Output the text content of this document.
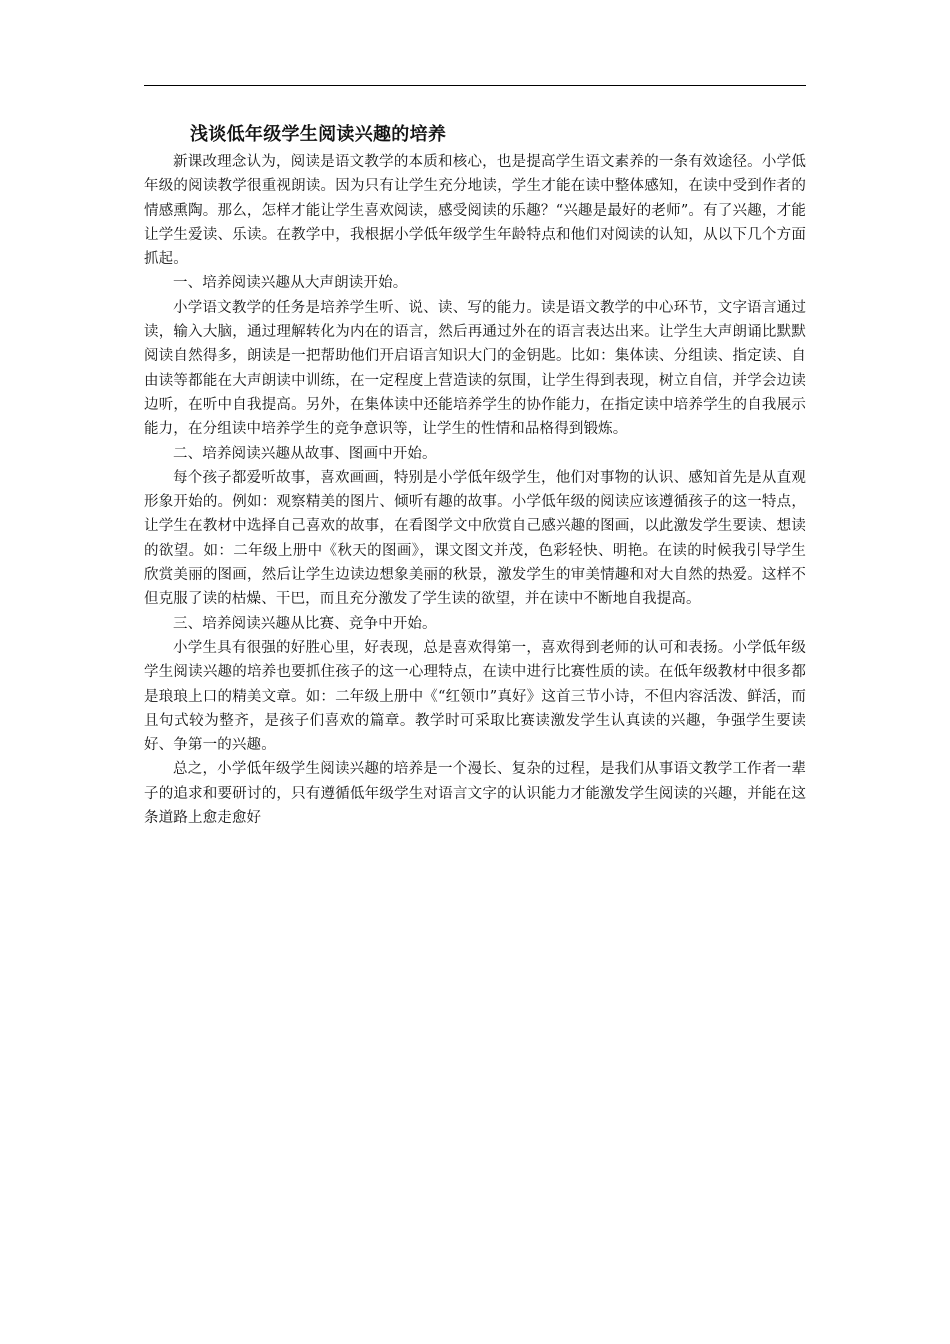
浅谈低年级学生阅读兴趣的培养

新课改理念认为，阅读是语文教学的本质和核心，也是提高学生语文素养的一条有效途径。小学低年级的阅读教学很重视朗读。因为只有让学生充分地读，学生才能在读中整体感知，在读中受到作者的情感熏陶。那么，怎样才能让学生喜欢阅读，感受阅读的乐趣？“兴趣是最好的老师”。有了兴趣，才能让学生爱读、乐读。在教学中，我根据小学低年级学生年龄特点和他们对阅读的认知，从以下几个方面抓起。

一、培养阅读兴趣从大声朗读开始。

小学语文教学的任务是培养学生听、说、读、写的能力。读是语文教学的中心环节，文字语言通过读，输入大脑，通过理解转化为内在的语言，然后再通过外在的语言表达出来。让学生大声朗诵比默默阅读自然得多，朗读是一把帮助他们开启语言知识大门的金钥匙。比如：集体读、分组读、指定读、自由读等都能在大声朗读中训练，在一定程度上营造读的氛围，让学生得到表现，树立自信，并学会边读边听，在听中自我提高。另外，在集体读中还能培养学生的协作能力，在指定读中培养学生的自我展示能力，在分组读中培养学生的竞争意识等，让学生的性情和品格得到锻炼。

二、培养阅读兴趣从故事、图画中开始。

每个孩子都爱听故事，喜欢画画，特别是小学低年级学生，他们对事物的认识、感知首先是从直观形象开始的。例如：观察精美的图片、倾听有趣的故事。小学低年级的阅读应该遵循孩子的这一特点，让学生在教材中选择自己喜欢的故事，在看图学文中欣赏自己感兴趣的图画，以此激发学生要读、想读的欲望。如：二年级上册中《秋天的图画》，课文图文并茂，色彩轻快、明艳。在读的时候我引导学生欣赏美丽的图画，然后让学生边读边想象美丽的秋景，激发学生的审美情趣和对大自然的热爱。这样不但克服了读的枯燥、干巴，而且充分激发了学生读的欲望，并在读中不断地自我提高。

三、培养阅读兴趣从比赛、竞争中开始。

小学生具有很强的好胜心里，好表现，总是喜欢得第一，喜欢得到老师的认可和表扬。小学低年级学生阅读兴趣的培养也要抓住孩子的这一心理特点，在读中进行比赛性质的读。在低年级教材中很多都是琅琅上口的精美文章。如：二年级上册中《“红领巾”真好》这首三节小诗，不但内容活泼、鲜活，而且句式较为整齐，是孩子们喜欢的篇章。教学时可采取比赛读激发学生认真读的兴趣，争强学生要读好、争第一的兴趣。

总之，小学低年级学生阅读兴趣的培养是一个漫长、复杂的过程，是我们从事语文教学工作者一辈子的追求和要研讨的，只有遵循低年级学生对语言文字的认识能力才能激发学生阅读的兴趣，并能在这条道路上愈走愈好
